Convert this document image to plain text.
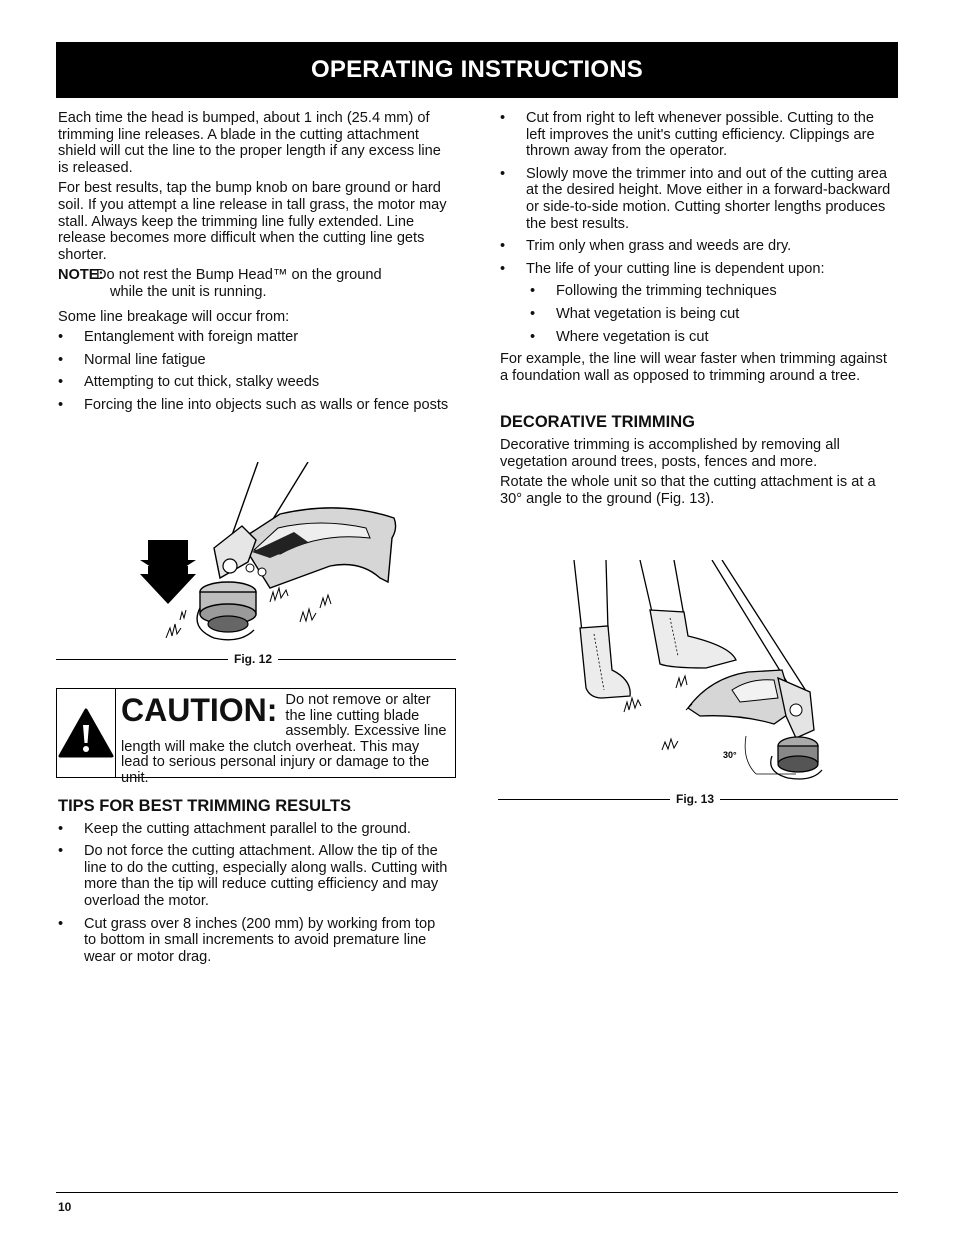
OPERATING INSTRUCTIONS

Each time the head is bumped, about 1 inch (25.4 mm) of trimming line releases. A blade in the cutting attachment shield will cut the line to the proper length if any excess line is released.

For best results, tap the bump knob on bare ground or hard soil. If you attempt a line release in tall grass, the motor may stall. Always keep the trimming line fully extended. Line release becomes more difficult when the cutting line gets shorter.

NOTE:
Do not rest the Bump Head™ on the ground
while the unit is running.

Some line breakage will occur from:

• Entanglement with foreign matter
• Normal line fatigue
• Attempting to cut thick, stalky weeds
• Forcing the line into objects such as walls or fence posts
Fig. 12
CAUTION: Do not remove or alter the line cutting blade assembly. Excessive line length will make the clutch overheat. This may lead to serious personal injury or damage to the unit.
TIPS FOR BEST TRIMMING RESULTS
• Keep the cutting attachment parallel to the ground.
• Do not force the cutting attachment. Allow the tip of the line to do the cutting, especially along walls. Cutting with more than the tip will reduce cutting efficiency and may overload the motor.
• Cut grass over 8 inches (200 mm) by working from top to bottom in small increments to avoid premature line wear or motor drag.
• Cut from right to left whenever possible. Cutting to the left improves the unit's cutting efficiency. Clippings are thrown away from the operator.
• Slowly move the trimmer into and out of the cutting area at the desired height. Move either in a forward-backward or side-to-side motion. Cutting shorter lengths produces the best results.
• Trim only when grass and weeds are dry.
• The life of your cutting line is dependent upon:
• Following the trimming techniques
• What vegetation is being cut
• Where vegetation is cut

For example, the line will wear faster when trimming against a foundation wall as opposed to trimming around a tree.

DECORATIVE TRIMMING

Decorative trimming is accomplished by removing all vegetation around trees, posts, fences and more.

Rotate the whole unit so that the cutting attachment is at a 30° angle to the ground (Fig. 13).

30°
Fig. 13
10
